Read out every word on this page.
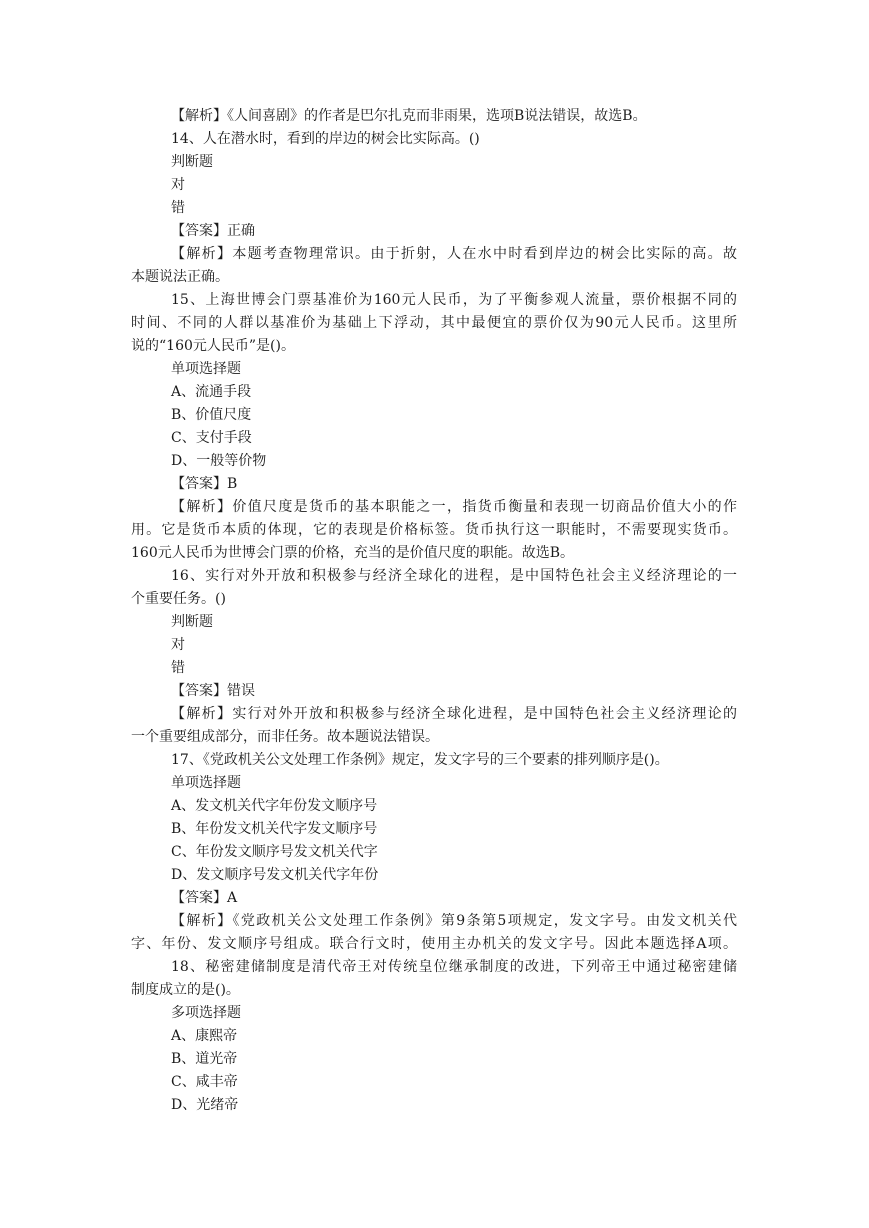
【解析】《人间喜剧》的作者是巴尔扎克而非雨果，选项B说法错误，故选B。
14、人在潜水时，看到的岸边的树会比实际高。()
判断题
对
错
【答案】正确
【解析】本题考查物理常识。由于折射，人在水中时看到岸边的树会比实际的高。故
本题说法正确。
15、上海世博会门票基准价为160元人民币，为了平衡参观人流量，票价根据不同的
时间、不同的人群以基准价为基础上下浮动，其中最便宜的票价仅为90元人民币。这里所
说的“160元人民币”是()。
单项选择题
A、流通手段
B、价值尺度
C、支付手段
D、一般等价物
【答案】B
【解析】价值尺度是货币的基本职能之一，指货币衡量和表现一切商品价值大小的作
用。它是货币本质的体现，它的表现是价格标签。货币执行这一职能时，不需要现实货币。
160元人民币为世博会门票的价格，充当的是价值尺度的职能。故选B。
16、实行对外开放和积极参与经济全球化的进程，是中国特色社会主义经济理论的一
个重要任务。()
判断题
对
错
【答案】错误
【解析】实行对外开放和积极参与经济全球化进程，是中国特色社会主义经济理论的
一个重要组成部分，而非任务。故本题说法错误。
17、《党政机关公文处理工作条例》规定，发文字号的三个要素的排列顺序是()。
单项选择题
A、发文机关代字年份发文顺序号
B、年份发文机关代字发文顺序号
C、年份发文顺序号发文机关代字
D、发文顺序号发文机关代字年份
【答案】A
【解析】《党政机关公文处理工作条例》第9条第5项规定，发文字号。由发文机关代
字、年份、发文顺序号组成。联合行文时，使用主办机关的发文字号。因此本题选择A项。
18、秘密建储制度是清代帝王对传统皇位继承制度的改进，下列帝王中通过秘密建储
制度成立的是()。
多项选择题
A、康熙帝
B、道光帝
C、咸丰帝
D、光绪帝
